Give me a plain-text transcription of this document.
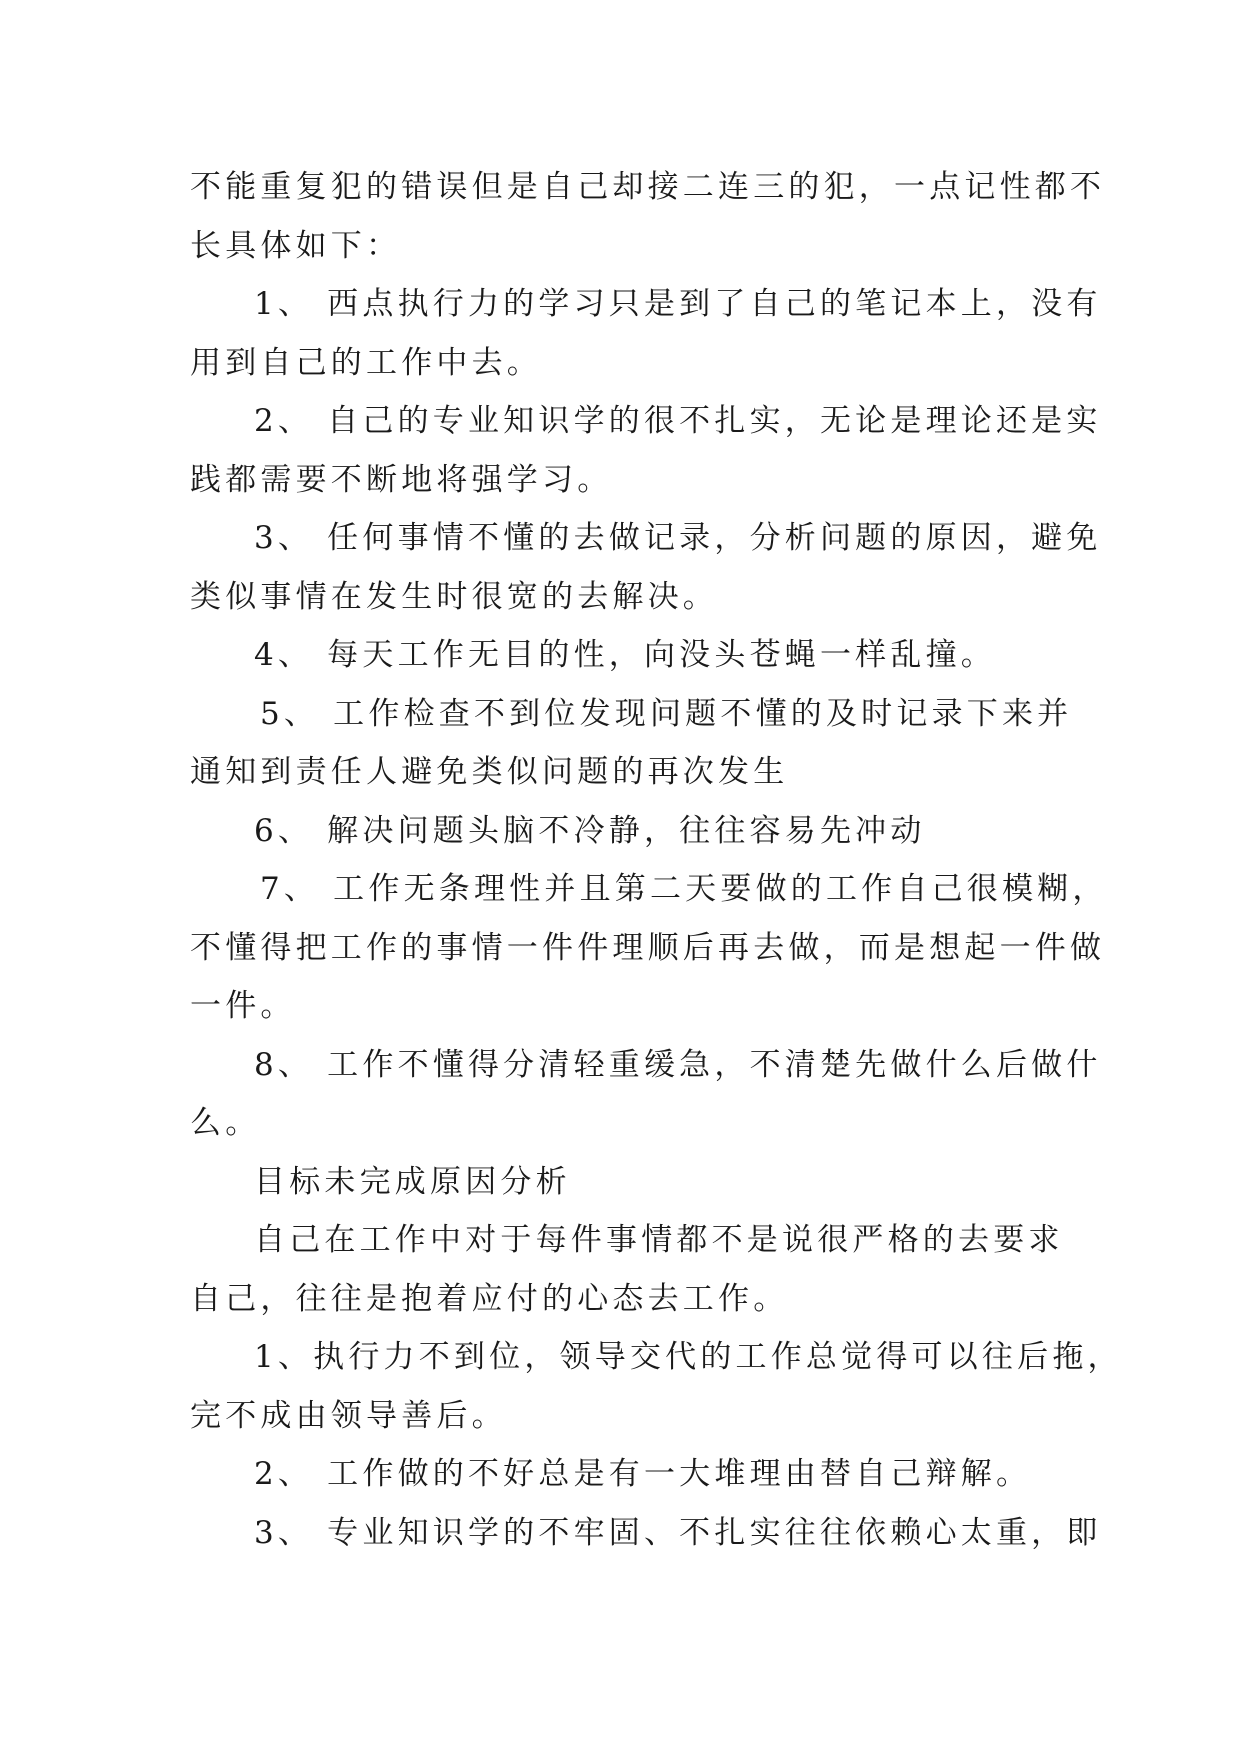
不能重复犯的错误但是自己却接二连三的犯，一点记性都不
长具体如下：
1、 西点执行力的学习只是到了自己的笔记本上，没有
用到自己的工作中去。
2、 自己的专业知识学的很不扎实，无论是理论还是实
践都需要不断地将强学习。
3、 任何事情不懂的去做记录，分析问题的原因，避免
类似事情在发生时很宽的去解决。
4、 每天工作无目的性，向没头苍蝇一样乱撞。
5、 工作检查不到位发现问题不懂的及时记录下来并
通知到责任人避免类似问题的再次发生
6、 解决问题头脑不冷静，往往容易先冲动
7、 工作无条理性并且第二天要做的工作自己很模糊，
不懂得把工作的事情一件件理顺后再去做，而是想起一件做
一件。
8、 工作不懂得分清轻重缓急，不清楚先做什么后做什
么。
目标未完成原因分析
自己在工作中对于每件事情都不是说很严格的去要求
自己，往往是抱着应付的心态去工作。
1、执行力不到位，领导交代的工作总觉得可以往后拖，
完不成由领导善后。
2、 工作做的不好总是有一大堆理由替自己辩解。
3、 专业知识学的不牢固、不扎实往往依赖心太重，即
